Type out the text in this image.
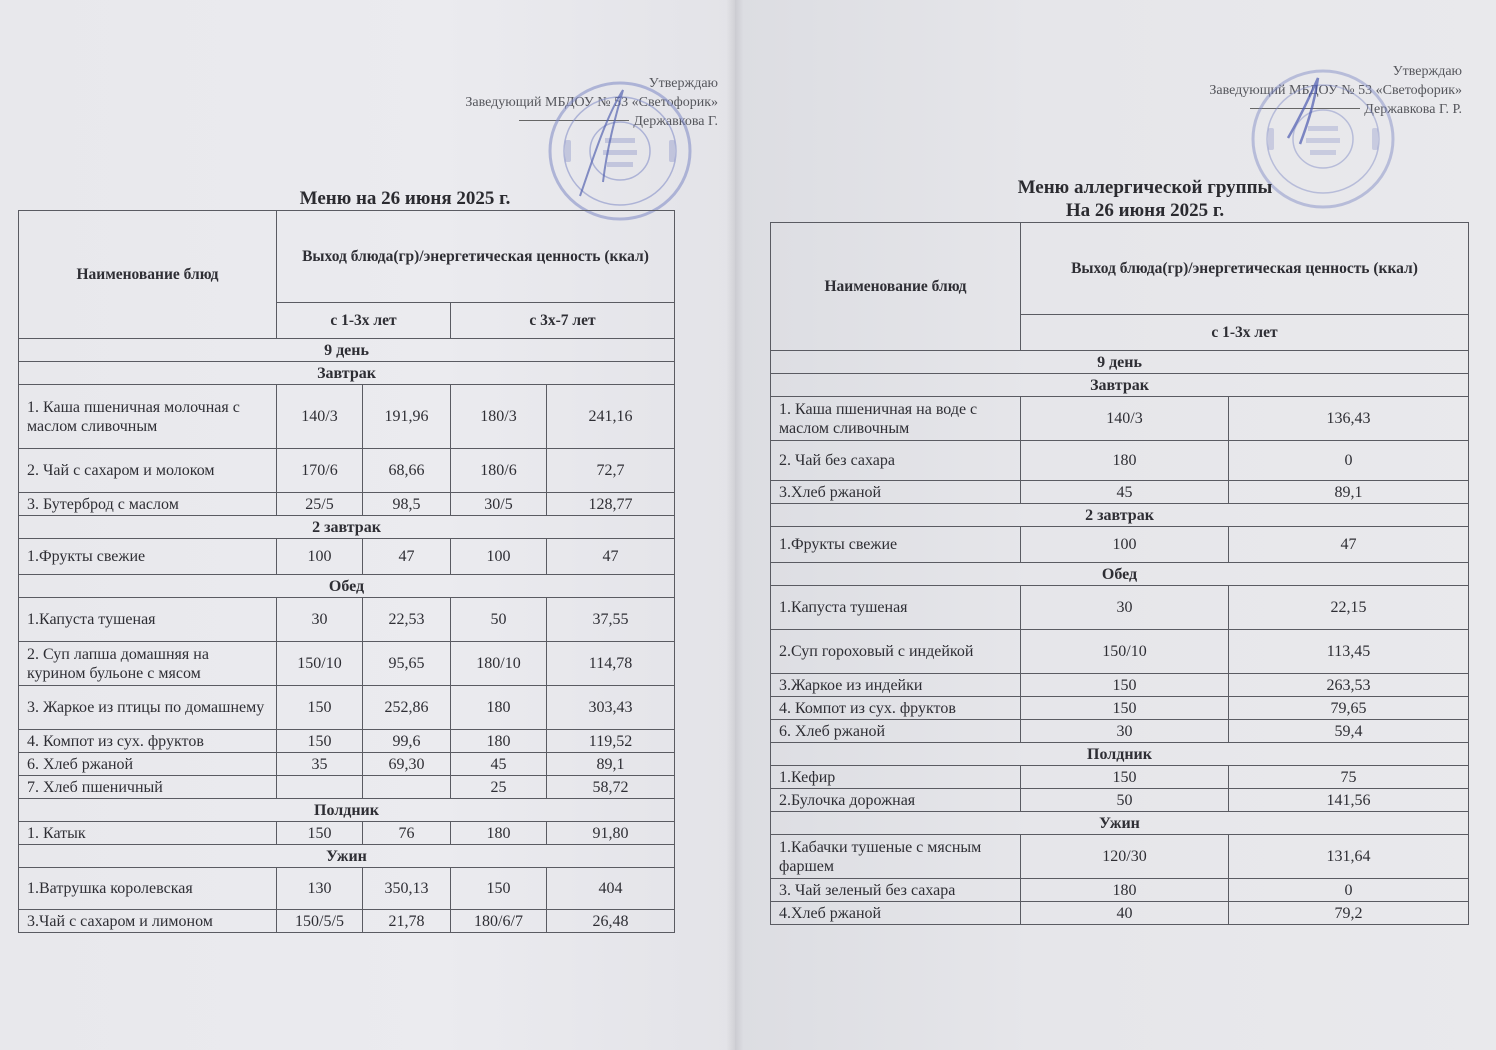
Утверждаю
Заведующий МБДОУ № 53 «Светофорик»
Державкова Г.
Меню на 26 июня 2025 г.
Наименование блюд	Выход блюда(гр)/энергетическая ценность (ккал)			
	с 1-3х лет		с 3х-7 лет	
9 день				
Завтрак				
1. Каша пшеничная молочная с маслом сливочным	140/3	191,96	180/3	241,16
2. Чай с сахаром и молоком	170/6	68,66	180/6	72,7
3. Бутерброд с маслом	25/5	98,5	30/5	128,77
2 завтрак				
1.Фрукты свежие	100	47	100	47
Обед				
1.Капуста тушеная	30	22,53	50	37,55
2. Суп лапша домашняя на курином бульоне с мясом	150/10	95,65	180/10	114,78
3. Жаркое из птицы по домашнему	150	252,86	180	303,43
4. Компот из сух. фруктов	150	99,6	180	119,52
6. Хлеб ржаной	35	69,30	45	89,1
7. Хлеб пшеничный			25	58,72
Полдник				
1. Катык	150	76	180	91,80
Ужин				
1.Ватрушка королевская	130	350,13	150	404
3.Чай с сахаром и лимоном	150/5/5	21,78	180/6/7	26,48
Утверждаю
Заведующий МБДОУ № 53 «Светофорик»
Державкова Г. Р.
Меню аллергической группы
На 26 июня 2025 г.
Наименование блюд	Выход блюда(гр)/энергетическая ценность (ккал)	
	с 1-3х лет	
9 день		
Завтрак		
1. Каша пшеничная на воде с маслом сливочным	140/3	136,43
2. Чай без сахара	180	0
3.Хлеб ржаной	45	89,1
2 завтрак		
1.Фрукты свежие	100	47
Обед		
1.Капуста тушеная	30	22,15
2.Суп гороховый с индейкой	150/10	113,45
3.Жаркое из индейки	150	263,53
4. Компот из сух. фруктов	150	79,65
6. Хлеб ржаной	30	59,4
Полдник		
1.Кефир	150	75
2.Булочка дорожная	50	141,56
Ужин		
1.Кабачки тушеные с мясным фаршем	120/30	131,64
3. Чай зеленый без сахара	180	0
4.Хлеб ржаной	40	79,2
